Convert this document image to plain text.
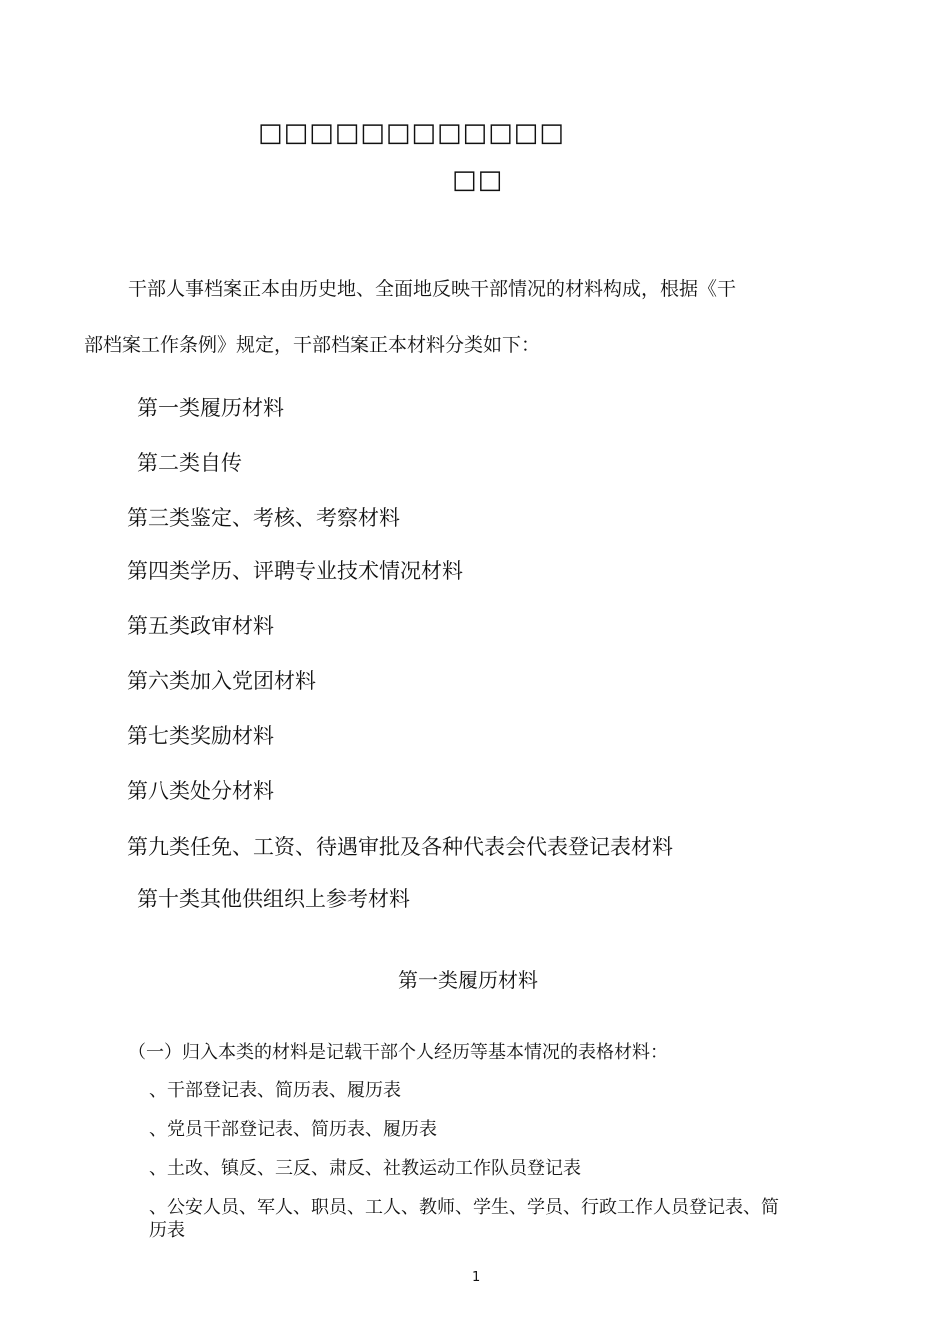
□□□□□□□□□□□□
□□
干部人事档案正本由历史地、全面地反映干部情况的材料构成，根据《干
部档案工作条例》规定，干部档案正本材料分类如下：
第一类履历材料
第二类自传
第三类鉴定、考核、考察材料
第四类学历、评聘专业技术情况材料
第五类政审材料
第六类加入党团材料
第七类奖励材料
第八类处分材料
第九类任免、工资、待遇审批及各种代表会代表登记表材料
第十类其他供组织上参考材料
第一类履历材料
（一）归入本类的材料是记载干部个人经历等基本情况的表格材料：
、干部登记表、简历表、履历表
、党员干部登记表、简历表、履历表
、土改、镇反、三反、肃反、社教运动工作队员登记表
、公安人员、军人、职员、工人、教师、学生、学员、行政工作人员登记表、简
历表
1
